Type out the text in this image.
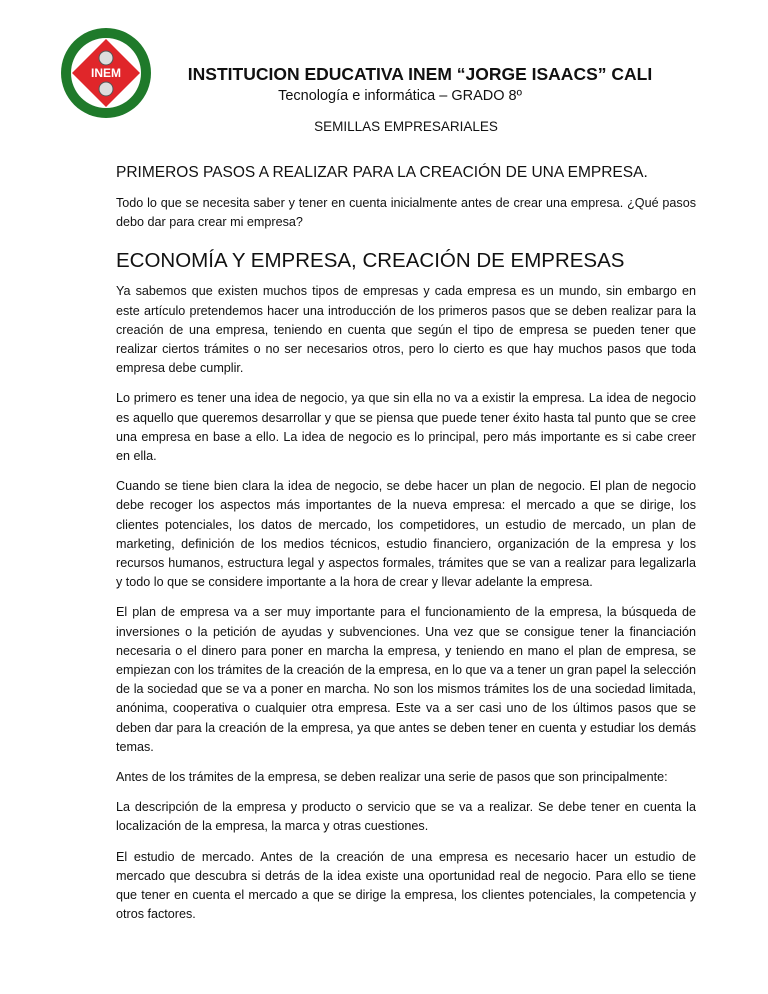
INEM	INSTITUCION EDUCATIVA INEM “JORGE ISAACS” CALI
Tecnología e informática – GRADO 8º
SEMILLAS EMPRESARIALES
PRIMEROS PASOS A REALIZAR PARA LA CREACIÓN DE UNA EMPRESA.

Todo lo que se necesita saber y tener en cuenta inicialmente antes de crear una empresa. ¿Qué pasos debo dar para crear mi empresa?

ECONOMÍA Y EMPRESA, CREACIÓN DE EMPRESAS

Ya sabemos que existen muchos tipos de empresas y cada empresa es un mundo, sin embargo en este artículo pretendemos hacer una introducción de los primeros pasos que se deben realizar para la creación de una empresa, teniendo en cuenta que según el tipo de empresa se pueden tener que realizar ciertos trámites o no ser necesarios otros, pero lo cierto es que hay muchos pasos que toda empresa debe cumplir.

Lo primero es tener una idea de negocio, ya que sin ella no va a existir la empresa. La idea de negocio es aquello que queremos desarrollar y que se piensa que puede tener éxito hasta tal punto que se cree una empresa en base a ello. La idea de negocio es lo principal, pero más importante es si cabe creer en ella.

Cuando se tiene bien clara la idea de negocio, se debe hacer un plan de negocio. El plan de negocio debe recoger los aspectos más importantes de la nueva empresa: el mercado a que se dirige, los clientes potenciales, los datos de mercado, los competidores, un estudio de mercado, un plan de marketing, definición de los medios técnicos, estudio financiero, organización de la empresa y los recursos humanos, estructura legal y aspectos formales, trámites que se van a realizar para legalizarla y todo lo que se considere importante a la hora de crear y llevar adelante la empresa.

El plan de empresa va a ser muy importante para el funcionamiento de la empresa, la búsqueda de inversiones o la petición de ayudas y subvenciones. Una vez que se consigue tener la financiación necesaria o el dinero para poner en marcha la empresa, y teniendo en mano el plan de empresa, se empiezan con los trámites de la creación de la empresa, en lo que va a tener un gran papel la selección de la sociedad que se va a poner en marcha. No son los mismos trámites los de una sociedad limitada, anónima, cooperativa o cualquier otra empresa. Este va a ser casi uno de los últimos pasos que se deben dar para la creación de la empresa, ya que antes se deben tener en cuenta y estudiar los demás temas.

Antes de los trámites de la empresa, se deben realizar una serie de pasos que son principalmente:

La descripción de la empresa y producto o servicio que se va a realizar. Se debe tener en cuenta la localización de la empresa, la marca y otras cuestiones.

El estudio de mercado. Antes de la creación de una empresa es necesario hacer un estudio de mercado que descubra si detrás de la idea existe una oportunidad real de negocio. Para ello se tiene que tener en cuenta el mercado a que se dirige la empresa, los clientes potenciales, la competencia y otros factores.
